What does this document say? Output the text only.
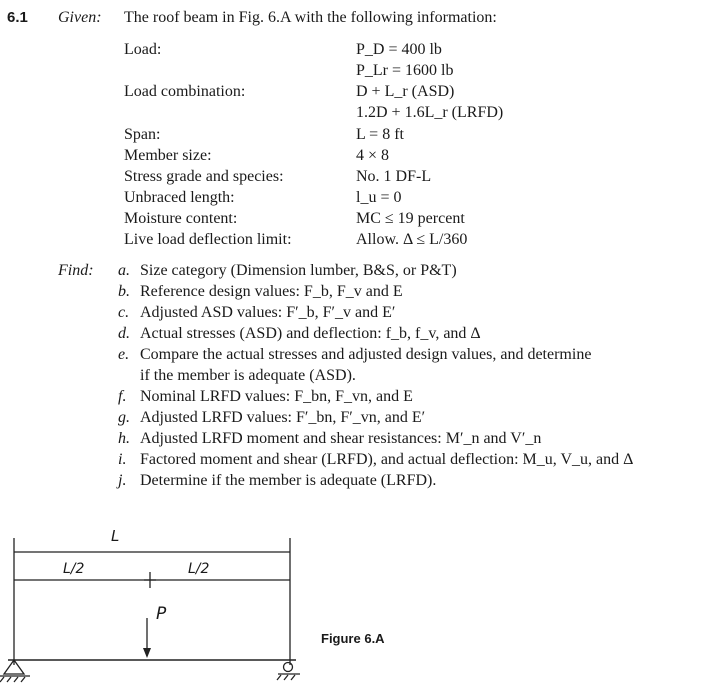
6.1 Given: The roof beam in Fig. 6.A with the following information:
Load:
Load combination:
Span:
Member size:
Stress grade and species:
Unbraced length:
Moisture content:
Live load deflection limit:
P_D = 400 lb
P_Lr = 1600 lb
D + L_r (ASD)
1.2D + 1.6L_r (LRFD)
L = 8 ft
4 × 8
No. 1 DF-L
l_u = 0
MC ≤ 19 percent
Allow. Δ ≤ L/360
Find: a. Size category (Dimension lumber, B&S, or P&T)
b. Reference design values: F_b, F_v and E
c. Adjusted ASD values: F′_b, F′_v and E′
d. Actual stresses (ASD) and deflection: f_b, f_v, and Δ
e. Compare the actual stresses and adjusted design values, and determine
if the member is adequate (ASD).
f. Nominal LRFD values: F_bn, F_vn, and E
g. Adjusted LRFD values: F′_bn, F′_vn, and E′
h. Adjusted LRFD moment and shear resistances: M′_n and V′_n
i. Factored moment and shear (LRFD), and actual deflection: M_u, V_u, and Δ
j. Determine if the member is adequate (LRFD).
L
L/2	L/2
P
Figure 6.A
